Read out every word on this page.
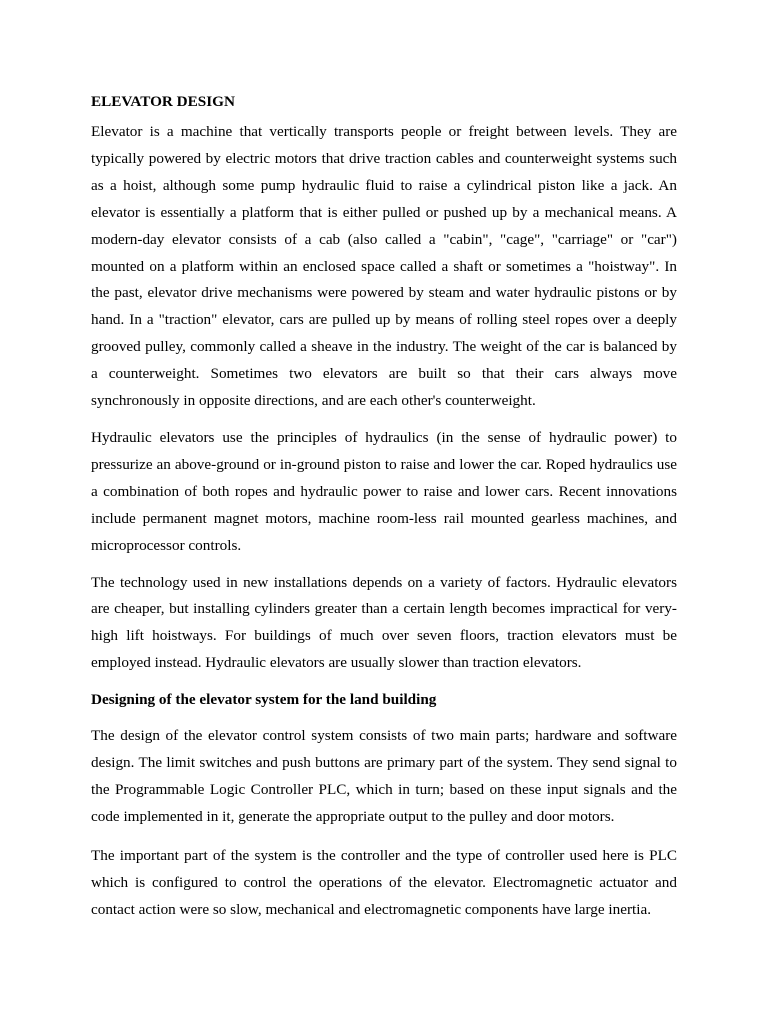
ELEVATOR DESIGN

Elevator is a machine that vertically transports people or freight between levels. They are typically powered by electric motors that drive traction cables and counterweight systems such as a hoist, although some pump hydraulic fluid to raise a cylindrical piston like a jack. An elevator is essentially a platform that is either pulled or pushed up by a mechanical means. A modern-day elevator consists of a cab (also called a "cabin", "cage", "carriage" or "car") mounted on a platform within an enclosed space called a shaft or sometimes a "hoistway". In the past, elevator drive mechanisms were powered by steam and water hydraulic pistons or by hand. In a "traction" elevator, cars are pulled up by means of rolling steel ropes over a deeply grooved pulley, commonly called a sheave in the industry. The weight of the car is balanced by a counterweight. Sometimes two elevators are built so that their cars always move synchronously in opposite directions, and are each other's counterweight.

Hydraulic elevators use the principles of hydraulics (in the sense of hydraulic power) to pressurize an above-ground or in-ground piston to raise and lower the car. Roped hydraulics use a combination of both ropes and hydraulic power to raise and lower cars. Recent innovations include permanent magnet motors, machine room-less rail mounted gearless machines, and microprocessor controls.

The technology used in new installations depends on a variety of factors. Hydraulic elevators are cheaper, but installing cylinders greater than a certain length becomes impractical for very-high lift hoistways. For buildings of much over seven floors, traction elevators must be employed instead. Hydraulic elevators are usually slower than traction elevators.

Designing of the elevator system for the land building

The design of the elevator control system consists of two main parts; hardware and software design. The limit switches and push buttons are primary part of the system. They send signal to the Programmable Logic Controller PLC, which in turn; based on these input signals and the code implemented in it, generate the appropriate output to the pulley and door motors.

The important part of the system is the controller and the type of controller used here is PLC which is configured to control the operations of the elevator. Electromagnetic actuator and contact action were so slow, mechanical and electromagnetic components have large inertia.
